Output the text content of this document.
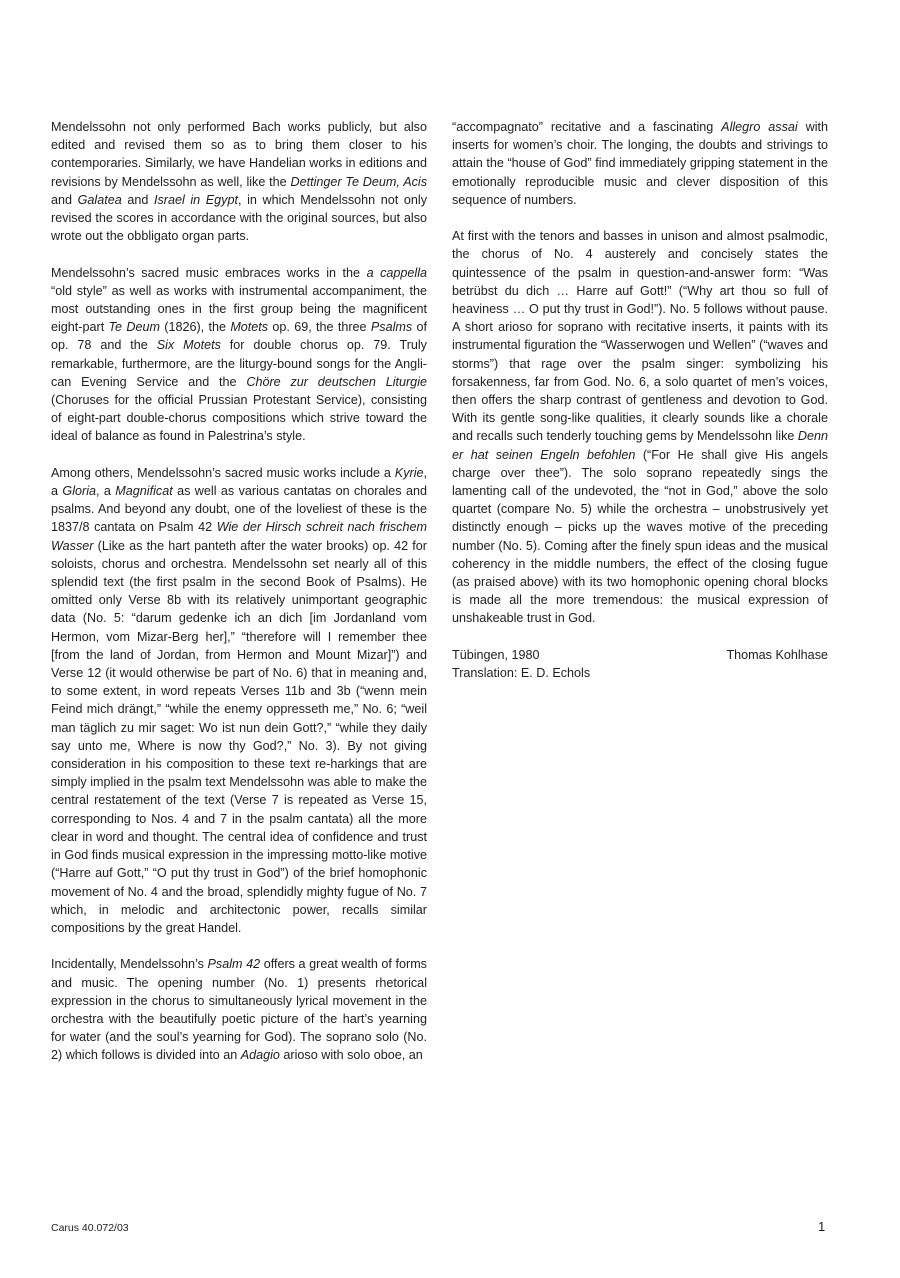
Mendelssohn not only performed Bach works publicly, but also edited and revised them so as to bring them closer to his contemporaries. Similarly, we have Handelian works in editions and revisions by Mendelssohn as well, like the Dettinger Te Deum, Acis and Galatea and Israel in Egypt, in which Mendelssohn not only revised the scores in accordance with the original sources, but also wrote out the obbligato organ parts.

Mendelssohn’s sacred music embraces works in the a cappella “old style” as well as works with instrumental accompaniment, the most outstanding ones in the first group being the magnificent eight-part Te Deum (1826), the Motets op. 69, the three Psalms of op. 78 and the Six Motets for double chorus op. 79. Truly remarkable, furthermore, are the liturgy-bound songs for the Anglican Evening Service and the Chöre zur deutschen Liturgie (Choruses for the official Prussian Protestant Service), consisting of eight-part double-chorus compositions which strive toward the ideal of balance as found in Palestrina’s style.

Among others, Mendelssohn’s sacred music works include a Kyrie, a Gloria, a Magnificat as well as various cantatas on chorales and psalms. And beyond any doubt, one of the loveliest of these is the 1837/8 cantata on Psalm 42 Wie der Hirsch schreit nach frischem Wasser (Like as the hart panteth after the water brooks) op. 42 for soloists, chorus and orchestra. Mendelssohn set nearly all of this splendid text (the first psalm in the second Book of Psalms). He omitted only Verse 8b with its relatively unimportant geographic data (No. 5: “darum gedenke ich an dich [im Jordanland vom Hermon, vom Mizar-Berg her],” “therefore will I remember thee [from the land of Jordan, from Hermon and Mount Mizar]”) and Verse 12 (it would otherwise be part of No. 6) that in meaning and, to some extent, in word repeats Verses 11b and 3b (“wenn mein Feind mich drängt,” “while the enemy oppresseth me,” No. 6; “weil man täglich zu mir saget: Wo ist nun dein Gott?,” “while they daily say unto me, Where is now thy God?,” No. 3). By not giving consideration in his composition to these text re-harkings that are simply implied in the psalm text Mendelssohn was able to make the central restatement of the text (Verse 7 is repeated as Verse 15, corresponding to Nos. 4 and 7 in the psalm cantata) all the more clear in word and thought. The central idea of confidence and trust in God finds musical expression in the impressing motto-like motive (“Harre auf Gott,” “O put thy trust in God”) of the brief homophonic movement of No. 4 and the broad, splendidly mighty fugue of No. 7 which, in melodic and architectonic power, recalls similar compositions by the great Handel.

Incidentally, Mendelssohn’s Psalm 42 offers a great wealth of forms and music. The opening number (No. 1) presents rhetorical expression in the chorus to simultaneously lyrical movement in the orchestra with the beautifully poetic picture of the hart’s yearning for water (and the soul’s yearning for God). The soprano solo (No. 2) which follows is divided into an Adagio arioso with solo oboe, an

“accompagnato” recitative and a fascinating Allegro assai with inserts for women’s choir. The longing, the doubts and strivings to attain the “house of God” find immediately gripping statement in the emotionally reproducible music and clever disposition of this sequence of numbers.

At first with the tenors and basses in unison and almost psalmodic, the chorus of No. 4 austerely and concisely states the quintessence of the psalm in question-and-answer form: “Was betrübst du dich … Harre auf Gott!” (“Why art thou so full of heaviness … O put thy trust in God!”). No. 5 follows without pause. A short arioso for soprano with recitative inserts, it paints with its instrumental figuration the “Wasserwogen und Wellen” (“waves and storms”) that rage over the psalm singer: symbolizing his forsakenness, far from God. No. 6, a solo quartet of men’s voices, then offers the sharp contrast of gentleness and devotion to God. With its gentle song-like qualities, it clearly sounds like a chorale and recalls such tenderly touching gems by Mendelssohn like Denn er hat seinen Engeln befohlen (“For He shall give His angels charge over thee”). The solo soprano repeatedly sings the lamenting call of the undevoted, the “not in God,” above the solo quartet (compare No. 5) while the orchestra – unobstrusively yet distinctly enough – picks up the waves motive of the preceding number (No. 5). Coming after the finely spun ideas and the musical coherency in the middle numbers, the effect of the closing fugue (as praised above) with its two homophonic opening choral blocks is made all the more tremendous: the musical expression of unshakeable trust in God.

Tübingen, 1980	Thomas Kohlhase
Translation: E. D. Echols
Carus 40.072/03	1
